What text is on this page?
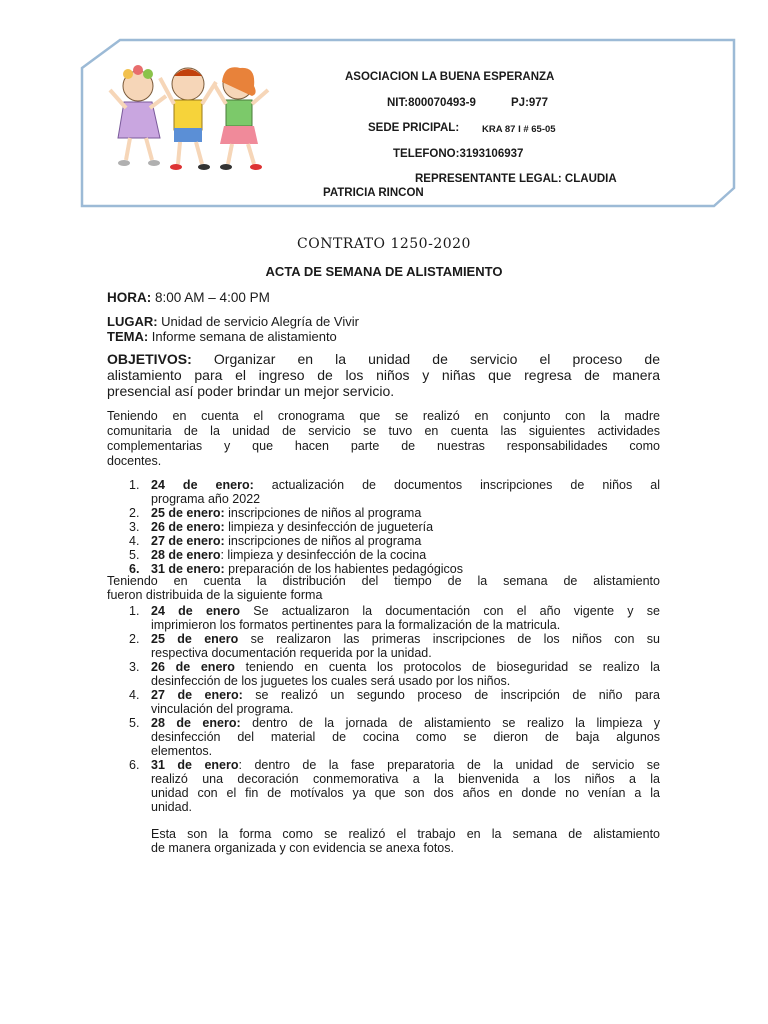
ASOCIACION LA BUENA ESPERANZA
NIT:800070493-9	PJ:977
SEDE PRICIPAL: KRA 87 I # 65-05
TELEFONO:3193106937
REPRESENTANTE LEGAL: CLAUDIA
PATRICIA RINCON
CONTRATO 1250-2020
ACTA DE SEMANA DE ALISTAMIENTO
HORA: 8:00 AM – 4:00 PM
LUGAR: Unidad de servicio Alegría de Vivir
TEMA: Informe semana de alistamiento
OBJETIVOS: Organizar en la unidad de servicio el proceso de
alistamiento para el ingreso de los niños y niñas que regresa de manera
presencial así poder brindar un mejor servicio.
Teniendo en cuenta el cronograma que se realizó en conjunto con la madre
comunitaria de la unidad de servicio se tuvo en cuenta las siguientes actividades
complementarias y que hacen parte de nuestras responsabilidades como
docentes.
1. 24 de enero: actualización de documentos inscripciones de niños al
programa año 2022
2. 25 de enero: inscripciones de niños al programa
3. 26 de enero: limpieza y desinfección de juguetería
4. 27 de enero: inscripciones de niños al programa
5. 28 de enero: limpieza y desinfección de la cocina
6. 31 de enero: preparación de los habientes pedagógicos
Teniendo en cuenta la distribución del tiempo de la semana de alistamiento
fueron distribuida de la siguiente forma
1. 24 de enero Se actualizaron la documentación con el año vigente y se
imprimieron los formatos pertinentes para la formalización de la matricula.
2. 25 de enero se realizaron las primeras inscripciones de los niños con su
respectiva documentación requerida por la unidad.
3. 26 de enero teniendo en cuenta los protocolos de bioseguridad se realizo la
desinfección de los juguetes los cuales será usado por los niños.
4. 27 de enero: se realizó un segundo proceso de inscripción de niño para
vinculación del programa.
5. 28 de enero: dentro de la jornada de alistamiento se realizo la limpieza y
desinfección del material de cocina como se dieron de baja algunos
elementos.
6. 31 de enero: dentro de la fase preparatoria de la unidad de servicio se
realizó una decoración conmemorativa a la bienvenida a los niños a la
unidad con el fin de motívalos ya que son dos años en donde no venían a la
unidad.
Esta son la forma como se realizó el trabajo en la semana de alistamiento
de manera organizada y con evidencia se anexa fotos.
